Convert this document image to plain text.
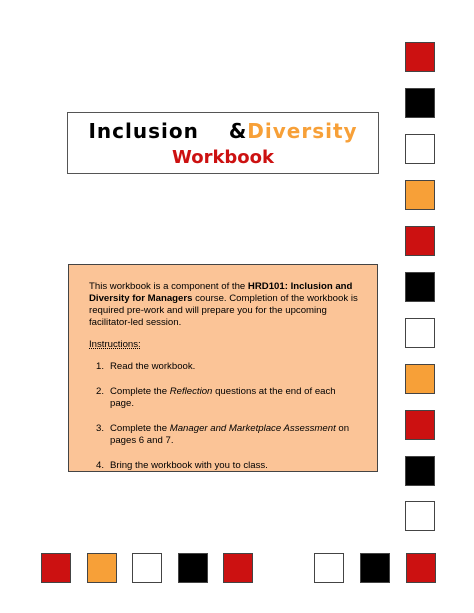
Inclusion &Diversity
Workbook

This workbook is a component of the HRD101: Inclusion and Diversity for Managers course. Completion of the workbook is required pre-work and will prepare you for the upcoming facilitator-led session.

Instructions:
1. Read the workbook.
2. Complete the Reflection questions at the end of each page.
3. Complete the Manager and Marketplace Assessment on pages 6 and 7.
4. Bring the workbook with you to class.
